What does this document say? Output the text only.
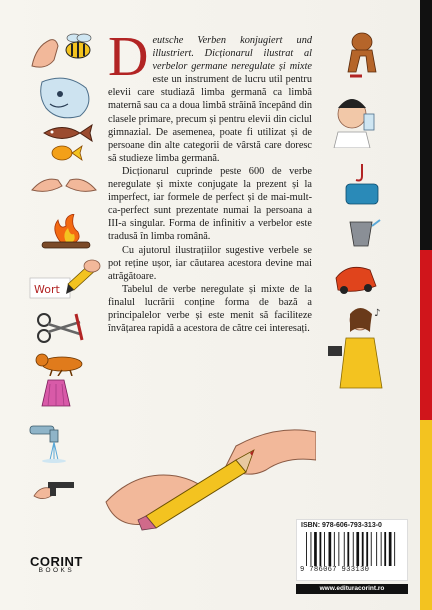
Deutsche Verben konjugiert und illustriert. Dicționarul ilustrat al verbelor germane neregulate și mixte este un instrument de lucru util pentru elevii care studiază limba germană ca limbă maternă sau ca a doua limbă străină începând din clasele primare, precum și pentru elevii din ciclul gimnazial. De asemenea, poate fi utilizat și de persoane din alte categorii de vârstă care doresc să studieze limba germană.

Dicționarul cuprinde peste 600 de verbe neregulate și mixte conjugate la prezent și la imperfect, iar formele de perfect și de mai-mult-ca-perfect sunt prezentate numai la persoana a III-a singular. Forma de infinitiv a verbelor este tradusă în limba română.

Cu ajutorul ilustrațiilor sugestive verbele se pot reține ușor, iar căutarea acestora devine mai atrăgătoare.

Tabelul de verbe neregulate și mixte de la finalul lucrării conține forma de bază a principalelor verbe și este menit să faciliteze învățarea rapidă a acestora de către cei interesați.

Wort
♪
CORINT
BOOKS
ISBN: 978-606-793-313-0
9 786067 933130
www.edituracorint.ro
